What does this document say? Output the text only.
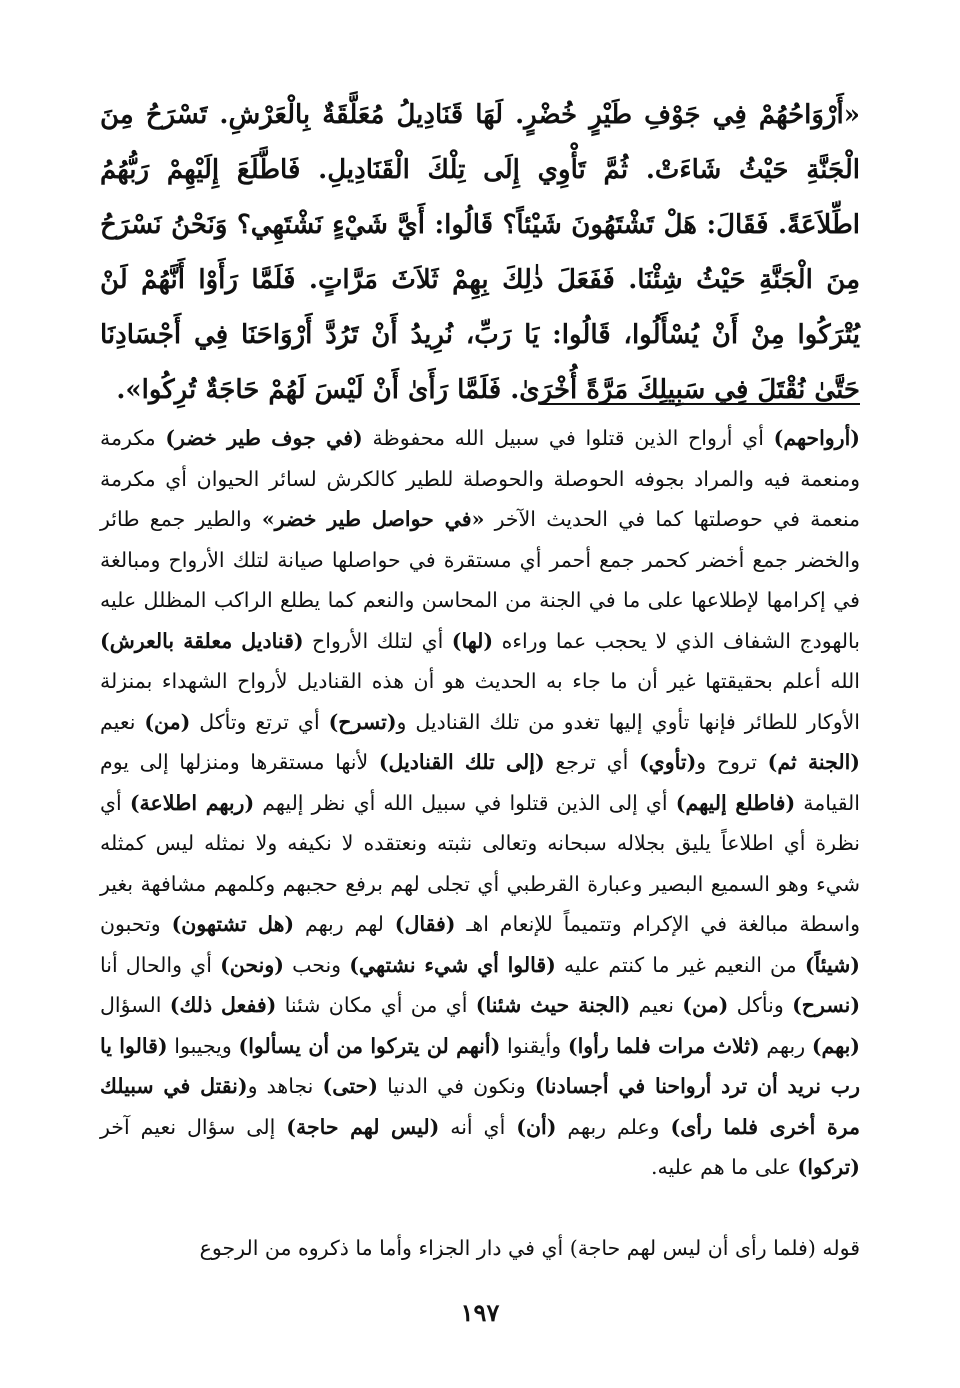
«أَرْوَاحُهُمْ فِي جَوْفِ طَيْرٍ خُضْرٍ. لَهَا قَنَادِيلُ مُعَلَّقَةٌ بِالْعَرْشِ. تَسْرَحُ مِنَ الْجَنَّةِ حَيْثُ شَاءَتْ. ثُمَّ تَأْوِي إِلَى تِلْكَ الْقَنَادِيلِ. فَاطَّلَعَ إِلَيْهِمْ رَبُّهُمُ اطِّلاَعَةً. فَقَالَ: هَلْ تَشْتَهُونَ شَيْئاً؟ قَالُوا: أَيَّ شَيْءٍ نَشْتَهِي؟ وَنَحْنُ نَسْرَحُ مِنَ الْجَنَّةِ حَيْثُ شِئْنَا. فَفَعَلَ ذٰلِكَ بِهِمْ ثَلاَثَ مَرَّاتٍ. فَلَمَّا رَأَوْا أَنَّهُمْ لَنْ يُتْرَكُوا مِنْ أَنْ يُسْأَلُوا، قَالُوا: يَا رَبِّ، نُرِيدُ أَنْ تَرُدَّ أَرْوَاحَنَا فِي أَجْسَادِنَا حَتَّىٰ نُقْتَلَ فِي سَبِيلِكَ مَرَّةً أُخْرَىٰ. فَلَمَّا رَأَىٰ أَنْ لَيْسَ لَهُمْ حَاجَةٌ تُرِكُوا».

(أرواحهم) أي أرواح الذين قتلوا في سبيل الله محفوظة (في جوف طير خضر) مكرمة ومنعمة فيه والمراد بجوفه الحوصلة والحوصلة للطير كالكرش لسائر الحيوان أي مكرمة منعمة في حوصلتها كما في الحديث الآخر «في حواصل طير خضر» والطير جمع طائر والخضر جمع أخضر كحمر جمع أحمر أي مستقرة في حواصلها صيانة لتلك الأرواح ومبالغة في إكرامها لإطلاعها على ما في الجنة من المحاسن والنعم كما يطلع الراكب المظلل عليه بالهودج الشفاف الذي لا يحجب عما وراءه (لها) أي لتلك الأرواح (قناديل معلقة بالعرش) الله أعلم بحقيقتها غير أن ما جاء به الحديث هو أن هذه القناديل لأرواح الشهداء بمنزلة الأوكار للطائر فإنها تأوي إليها تغدو من تلك القناديل و(تسرح) أي ترتع وتأكل (من) نعيم (الجنة ثم) تروح و(تأوي) أي ترجع (إلى تلك القناديل) لأنها مستقرها ومنزلها إلى يوم القيامة (فاطلع إليهم) أي إلى الذين قتلوا في سبيل الله أي نظر إليهم (ربهم اطلاعة) أي نظرة أي اطلاعاً يليق بجلاله سبحانه وتعالى نثبته ونعتقده لا نكيفه ولا نمثله ليس كمثله شيء وهو السميع البصير وعبارة القرطبي أي تجلى لهم برفع حجبهم وكلمهم مشافهة بغير واسطة مبالغة في الإكرام وتتميماً للإنعام اهـ (فقال) لهم ربهم (هل تشتهون) وتحبون (شيئاً) من النعيم غير ما كنتم عليه (قالوا أي شيء نشتهي) ونحب (ونحن) أي والحال أنا (نسرح) ونأكل (من) نعيم (الجنة حيث شئنا) أي من أي مكان شئنا (ففعل ذلك) السؤال (بهم) ربهم (ثلاث مرات فلما رأوا) وأيقنوا (أنهم لن يتركوا من أن يسألوا) ويجيبوا (قالوا يا رب نريد أن ترد أرواحنا في أجسادنا) ونكون في الدنيا (حتى) نجاهد و(نقتل في سبيلك مرة أخرى فلما رأى) وعلم ربهم (أن) أي أنه (ليس لهم حاجة) إلى سؤال نعيم آخر (تركوا) على ما هم عليه.

قوله (فلما رأى أن ليس لهم حاجة) أي في دار الجزاء وأما ما ذكروه من الرجوع

١٩٧
